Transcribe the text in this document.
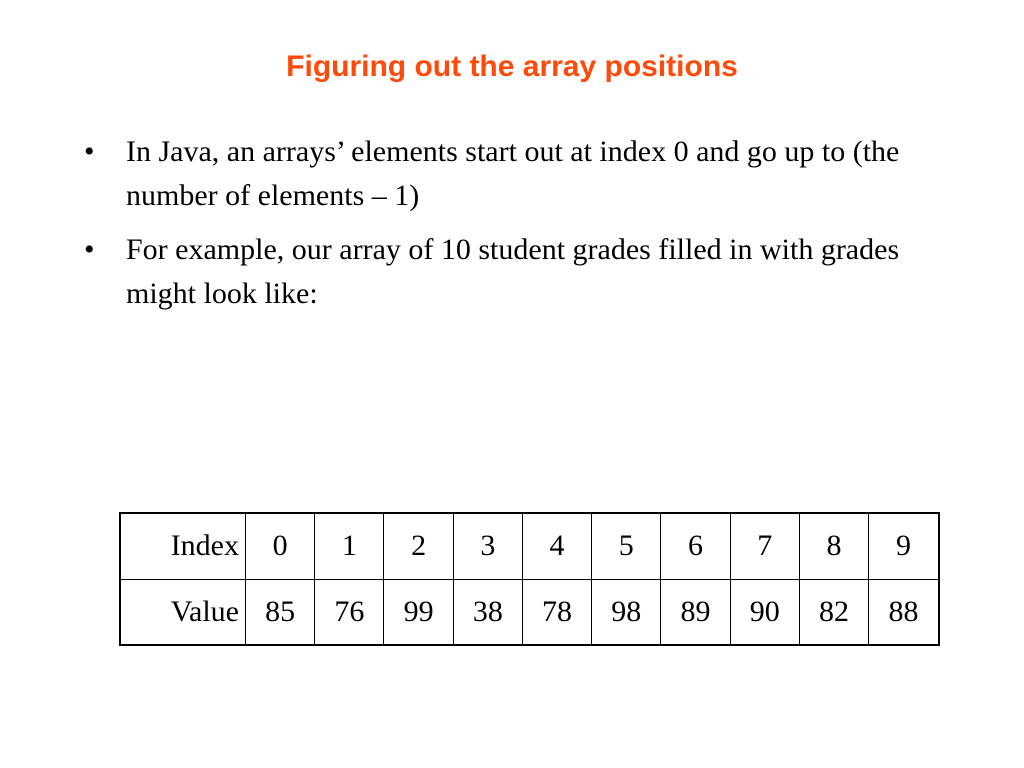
Figuring out the array positions
• In Java, an arrays’ elements start out at index 0 and go up to (the number of elements – 1)
• For example, our array of 10 student grades filled in with grades might look like:
Index	0	1	2	3	4	5	6	7	8	9
Value	85	76	99	38	78	98	89	90	82	88
